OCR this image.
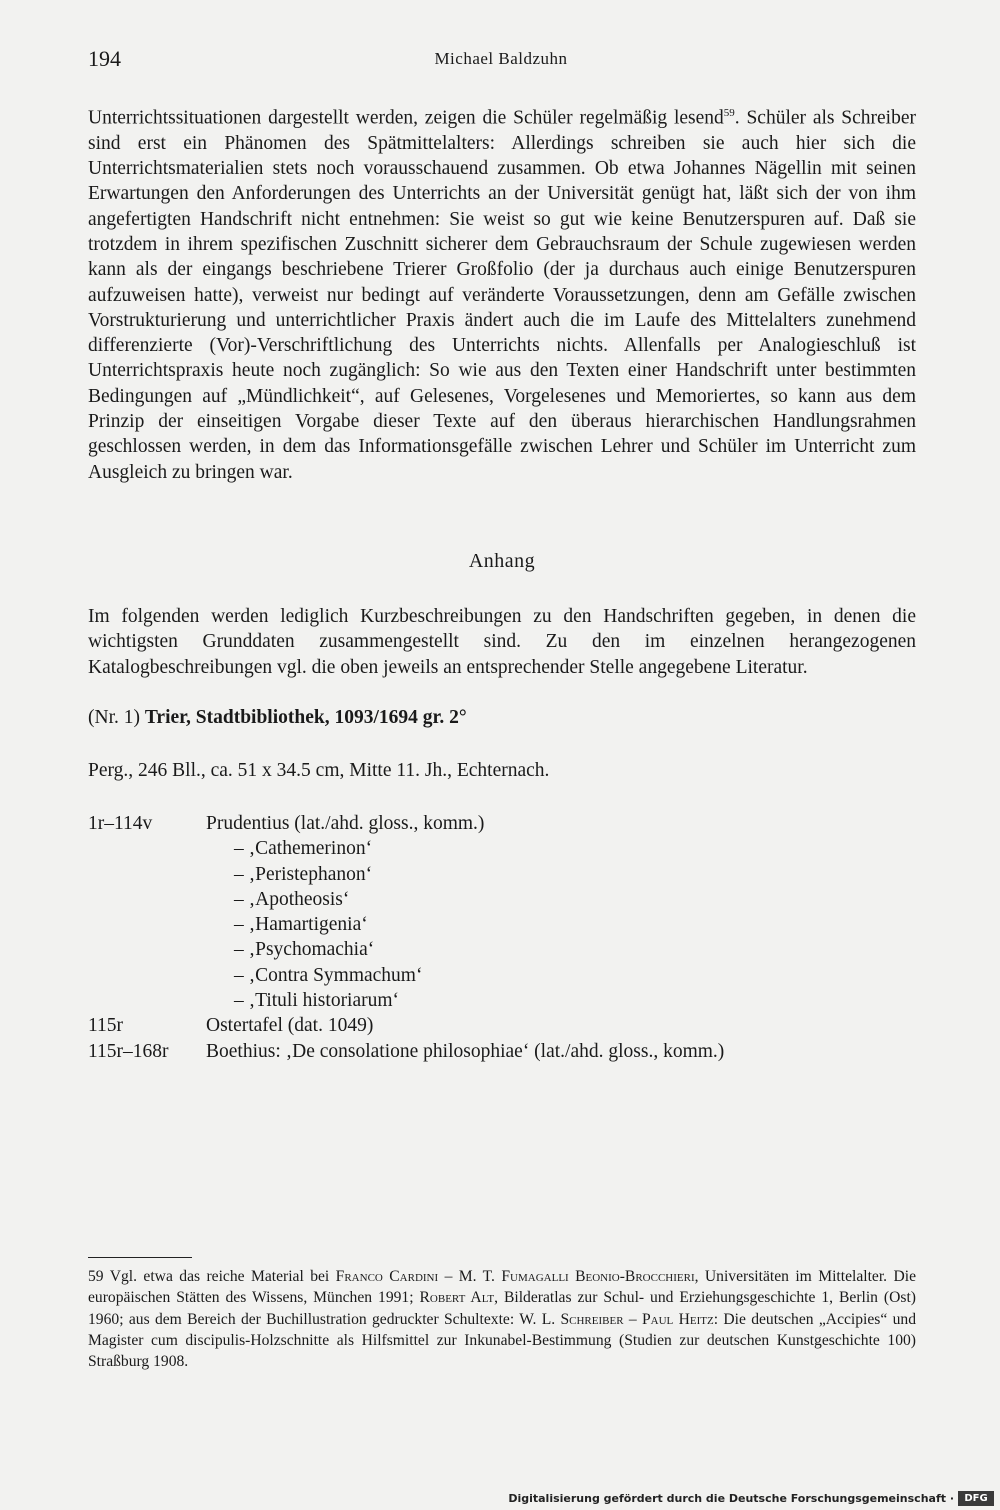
194	Michael Baldzuhn

Unterrichtssituationen dargestellt werden, zeigen die Schüler regelmäßig lesend$^{59}$. Schüler als Schreiber sind erst ein Phänomen des Spätmittelalters: Allerdings schreiben sie auch hier sich die Unterrichtsmaterialien stets noch vorausschauend zusammen. Ob etwa Johannes Nägellin mit seinen Erwartungen den Anforderungen des Unterrichts an der Universität genügt hat, läßt sich der von ihm angefertigten Handschrift nicht entnehmen: Sie weist so gut wie keine Benutzerspuren auf. Daß sie trotzdem in ihrem spezifischen Zuschnitt sicherer dem Gebrauchsraum der Schule zugewiesen werden kann als der eingangs beschriebene Trierer Großfolio (der ja durchaus auch einige Benutzerspuren aufzuweisen hatte), verweist nur bedingt auf veränderte Voraussetzungen, denn am Gefälle zwischen Vorstrukturierung und unterrichtlicher Praxis ändert auch die im Laufe des Mittelalters zunehmend differenzierte (Vor)-Verschriftlichung des Unterrichts nichts. Allenfalls per Analogieschluß ist Unterrichtspraxis heute noch zugänglich: So wie aus den Texten einer Handschrift unter bestimmten Bedingungen auf „Mündlichkeit“, auf Gelesenes, Vorgelesenes und Memoriertes, so kann aus dem Prinzip der einseitigen Vorgabe dieser Texte auf den überaus hierarchischen Handlungsrahmen geschlossen werden, in dem das Informationsgefälle zwischen Lehrer und Schüler im Unterricht zum Ausgleich zu bringen war.

Anhang
Im folgenden werden lediglich Kurzbeschreibungen zu den Handschriften gegeben, in denen die wichtigsten Grunddaten zusammengestellt sind. Zu den im einzelnen herangezogenen Katalogbeschreibungen vgl. die oben jeweils an entsprechender Stelle angegebene Literatur.
(Nr. 1) Trier, Stadtbibliothek, 1093/1694 gr. 2°
Perg., 246 Bll., ca. 51 x 34.5 cm, Mitte 11. Jh., Echternach.
1r–114v	Prudentius (lat./ahd. gloss., komm.)
– ‚Cathemerinon‘
– ‚Peristephanon‘
– ‚Apotheosis‘
– ‚Hamartigenia‘
– ‚Psychomachia‘
– ‚Contra Symmachum‘
– ‚Tituli historiarum‘
115r	Ostertafel (dat. 1049)
115r–168r	Boethius: ‚De consolatione philosophiae‘ (lat./ahd. gloss., komm.)
59 Vgl. etwa das reiche Material bei Franco Cardini – M. T. Fumagalli Beonio-Brocchieri, Universitäten im Mittelalter. Die europäischen Stätten des Wissens, München 1991; Robert Alt, Bilderatlas zur Schul- und Erziehungsgeschichte 1, Berlin (Ost) 1960; aus dem Bereich der Buchillustration gedruckter Schultexte: W. L. Schreiber – Paul Heitz: Die deutschen „Accipies“ und Magister cum discipulis-Holzschnitte als Hilfsmittel zur Inkunabel-Bestimmung (Studien zur deutschen Kunstgeschichte 100) Straßburg 1908.
Digitalisierung gefördert durch die Deutsche Forschungsgemeinschaft ·	DFG
